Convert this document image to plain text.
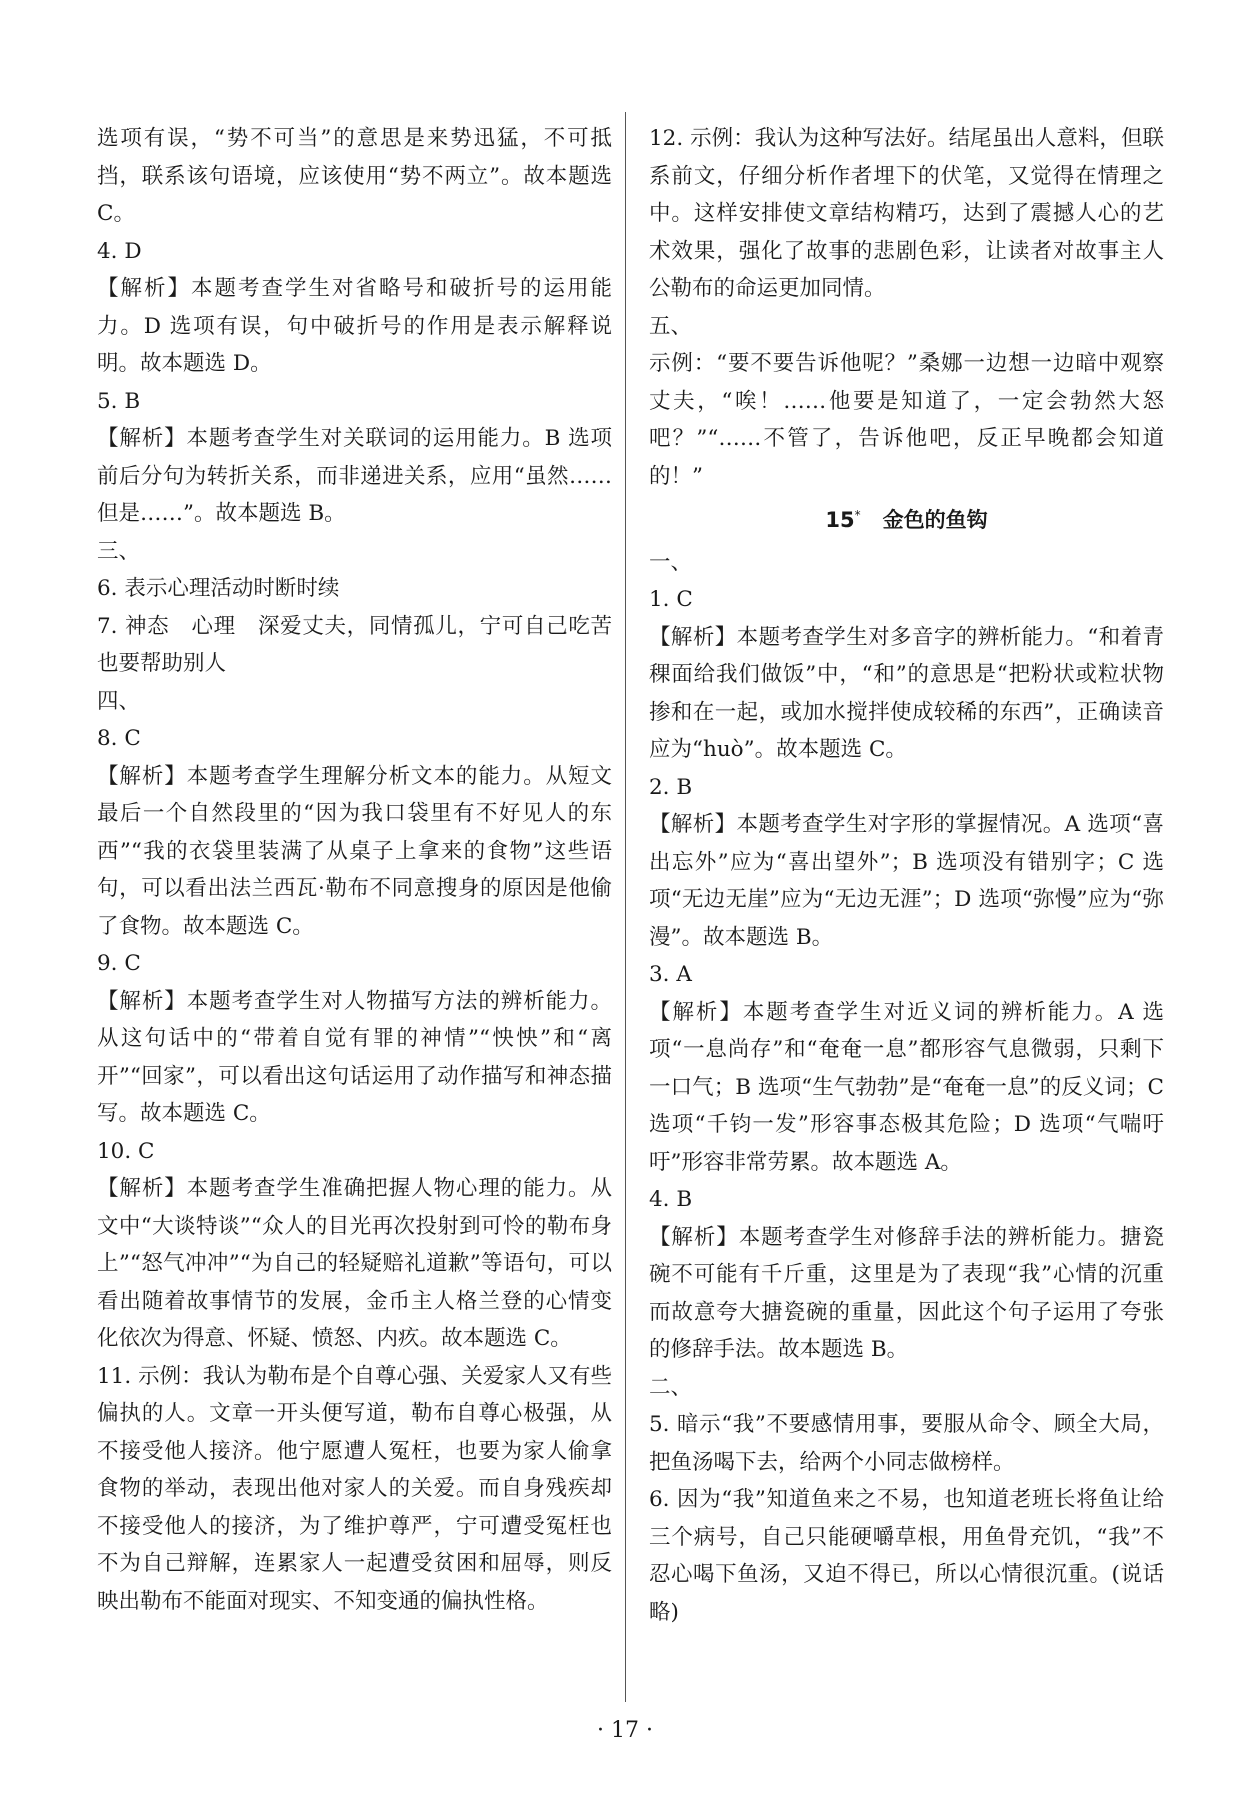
选项有误，“势不可当”的意思是来势迅猛，不可抵挡，联系该句语境，应该使用“势不两立”。故本题选 C。

4. D

【解析】本题考查学生对省略号和破折号的运用能力。D 选项有误，句中破折号的作用是表示解释说明。故本题选 D。

5. B

【解析】本题考查学生对关联词的运用能力。B 选项前后分句为转折关系，而非递进关系，应用“虽然……但是……”。故本题选 B。

三、

6. 表示心理活动时断时续

7. 神态　心理　深爱丈夫，同情孤儿，宁可自己吃苦也要帮助别人

四、

8. C

【解析】本题考查学生理解分析文本的能力。从短文最后一个自然段里的“因为我口袋里有不好见人的东西”“我的衣袋里装满了从桌子上拿来的食物”这些语句，可以看出法兰西瓦·勒布不同意搜身的原因是他偷了食物。故本题选 C。

9. C

【解析】本题考查学生对人物描写方法的辨析能力。从这句话中的“带着自觉有罪的神情”“怏怏”和“离开”“回家”，可以看出这句话运用了动作描写和神态描写。故本题选 C。

10. C

【解析】本题考查学生准确把握人物心理的能力。从文中“大谈特谈”“众人的目光再次投射到可怜的勒布身上”“怒气冲冲”“为自己的轻疑赔礼道歉”等语句，可以看出随着故事情节的发展，金币主人格兰登的心情变化依次为得意、怀疑、愤怒、内疚。故本题选 C。

11. 示例：我认为勒布是个自尊心强、关爱家人又有些偏执的人。文章一开头便写道，勒布自尊心极强，从不接受他人接济。他宁愿遭人冤枉，也要为家人偷拿食物的举动，表现出他对家人的关爱。而自身残疾却不接受他人的接济，为了维护尊严，宁可遭受冤枉也不为自己辩解，连累家人一起遭受贫困和屈辱，则反映出勒布不能面对现实、不知变通的偏执性格。

12. 示例：我认为这种写法好。结尾虽出人意料，但联系前文，仔细分析作者埋下的伏笔，又觉得在情理之中。这样安排使文章结构精巧，达到了震撼人心的艺术效果，强化了故事的悲剧色彩，让读者对故事主人公勒布的命运更加同情。

五、

示例：“要不要告诉他呢？”桑娜一边想一边暗中观察丈夫，“唉！……他要是知道了，一定会勃然大怒吧？”“……不管了，告诉他吧，反正早晚都会知道的！”

15* 金色的鱼钩

一、

1. C

【解析】本题考查学生对多音字的辨析能力。“和着青稞面给我们做饭”中，“和”的意思是“把粉状或粒状物掺和在一起，或加水搅拌使成较稀的东西”，正确读音应为“huò”。故本题选 C。

2. B

【解析】本题考查学生对字形的掌握情况。A 选项“喜出忘外”应为“喜出望外”；B 选项没有错别字；C 选项“无边无崖”应为“无边无涯”；D 选项“弥慢”应为“弥漫”。故本题选 B。

3. A

【解析】本题考查学生对近义词的辨析能力。A 选项“一息尚存”和“奄奄一息”都形容气息微弱，只剩下一口气；B 选项“生气勃勃”是“奄奄一息”的反义词；C 选项“千钧一发”形容事态极其危险；D 选项“气喘吁吁”形容非常劳累。故本题选 A。

4. B

【解析】本题考查学生对修辞手法的辨析能力。搪瓷碗不可能有千斤重，这里是为了表现“我”心情的沉重而故意夸大搪瓷碗的重量，因此这个句子运用了夸张的修辞手法。故本题选 B。

二、

5. 暗示“我”不要感情用事，要服从命令、顾全大局，把鱼汤喝下去，给两个小同志做榜样。

6. 因为“我”知道鱼来之不易，也知道老班长将鱼让给三个病号，自己只能硬嚼草根，用鱼骨充饥，“我”不忍心喝下鱼汤，又迫不得已，所以心情很沉重。(说话略)

· 17 ·
